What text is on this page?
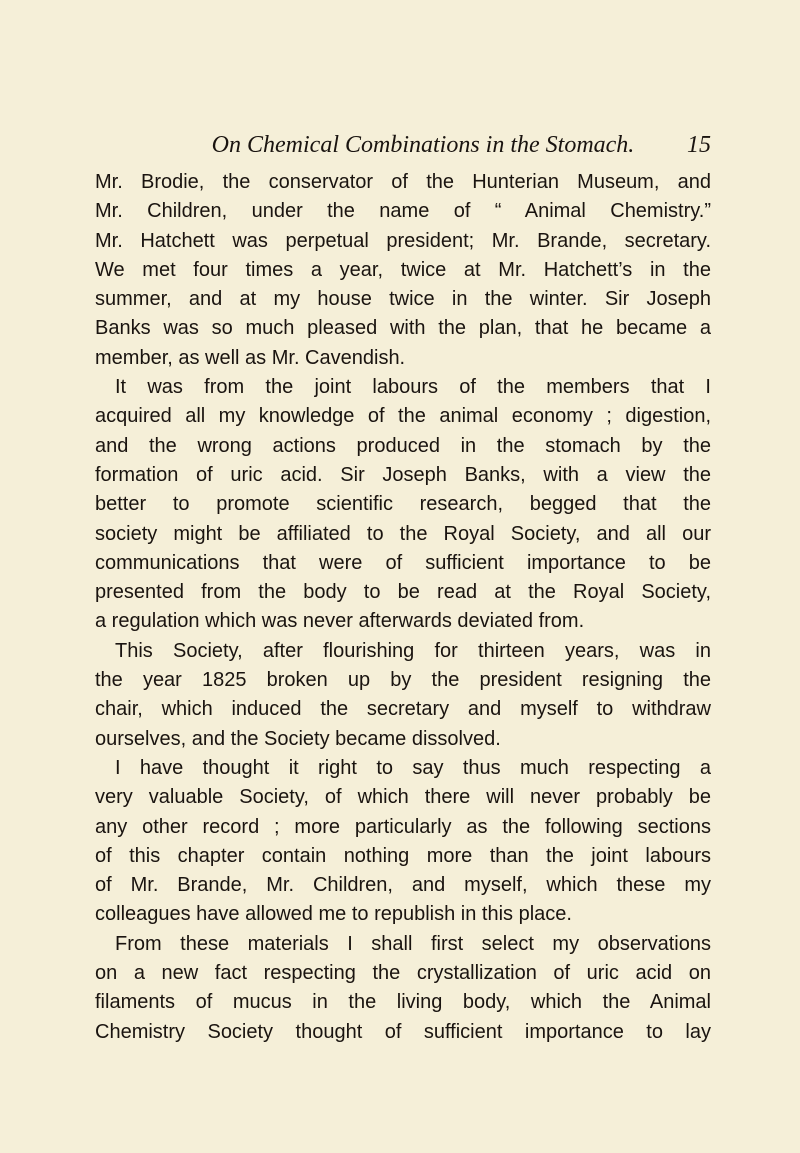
On Chemical Combinations in the Stomach.	15
Mr. Brodie, the conservator of the Hunterian Museum, and
Mr. Children, under the name of “ Animal Chemistry.”
Mr. Hatchett was perpetual president; Mr. Brande, secretary.
We met four times a year, twice at Mr. Hatchett’s in the
summer, and at my house twice in the winter. Sir Joseph
Banks was so much pleased with the plan, that he became a
member, as well as Mr. Cavendish.
It was from the joint labours of the members that I
acquired all my knowledge of the animal economy ; digestion,
and the wrong actions produced in the stomach by the
formation of uric acid. Sir Joseph Banks, with a view the
better to promote scientific research, begged that the
society might be affiliated to the Royal Society, and all our
communications that were of sufficient importance to be
presented from the body to be read at the Royal Society,
a regulation which was never afterwards deviated from.
This Society, after flourishing for thirteen years, was in
the year 1825 broken up by the president resigning the
chair, which induced the secretary and myself to withdraw
ourselves, and the Society became dissolved.
I have thought it right to say thus much respecting a
very valuable Society, of which there will never probably be
any other record ; more particularly as the following sections
of this chapter contain nothing more than the joint labours
of Mr. Brande, Mr. Children, and myself, which these my
colleagues have allowed me to republish in this place.
From these materials I shall first select my observations
on a new fact respecting the crystallization of uric acid on
filaments of mucus in the living body, which the Animal
Chemistry Society thought of sufficient importance to lay
